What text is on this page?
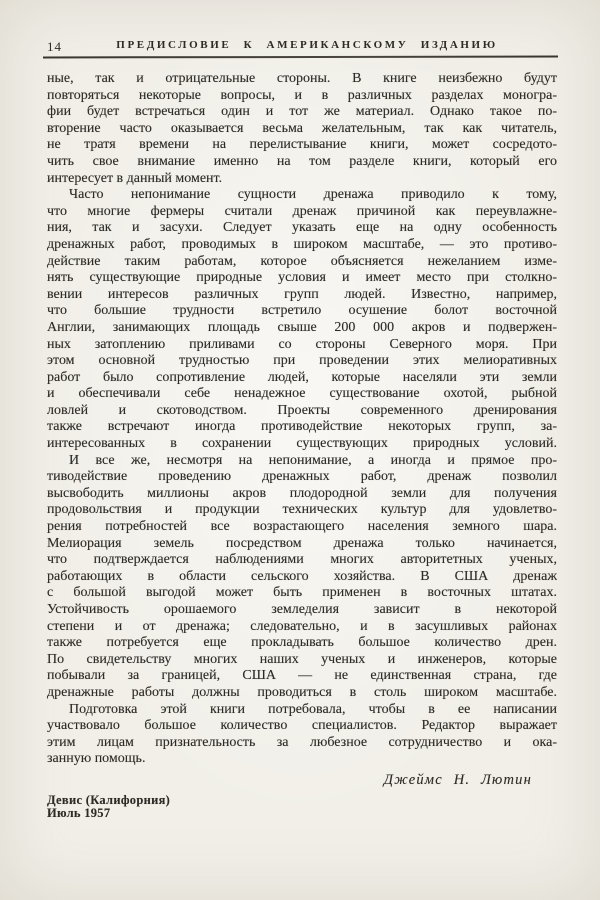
14	ПРЕДИСЛОВИЕ К АМЕРИКАНСКОМУ ИЗДАНИЮ
ные, так и отрицательные стороны. В книге неизбежно будут
повторяться некоторые вопросы, и в различных разделах моногра-
фии будет встречаться один и тот же материал. Однако такое по-
вторение часто оказывается весьма желательным, так как читатель,
не тратя времени на перелистывание книги, может сосредото-
чить свое внимание именно на том разделе книги, который его
интересует в данный момент.
Часто непонимание сущности дренажа приводило к тому,
что многие фермеры считали дренаж причиной как переувлажне-
ния, так и засухи. Следует указать еще на одну особенность
дренажных работ, проводимых в широком масштабе, — это противо-
действие таким работам, которое объясняется нежеланием изме-
нять существующие природные условия и имеет место при столкно-
вении интересов различных групп людей. Известно, например,
что большие трудности встретило осушение болот восточной
Англии, занимающих площадь свыше 200 000 акров и подвержен-
ных затоплению приливами со стороны Северного моря. При
этом основной трудностью при проведении этих мелиоративных
работ было сопротивление людей, которые населяли эти земли
и обеспечивали себе ненадежное существование охотой, рыбной
ловлей и скотоводством. Проекты современного дренирования
также встречают иногда противодействие некоторых групп, за-
интересованных в сохранении существующих природных условий.
И все же, несмотря на непонимание, а иногда и прямое про-
тиводействие проведению дренажных работ, дренаж позволил
высвободить миллионы акров плодородной земли для получения
продовольствия и продукции технических культур для удовлетво-
рения потребностей все возрастающего населения земного шара.
Мелиорация земель посредством дренажа только начинается,
что подтверждается наблюдениями многих авторитетных ученых,
работающих в области сельского хозяйства. В США дренаж
с большой выгодой может быть применен в восточных штатах.
Устойчивость орошаемого земледелия зависит в некоторой
степени и от дренажа; следовательно, и в засушливых районах
также потребуется еще прокладывать большое количество дрен.
По свидетельству многих наших ученых и инженеров, которые
побывали за границей, США — не единственная страна, где
дренажные работы должны проводиться в столь широком масштабе.
Подготовка этой книги потребовала, чтобы в ее написании
участвовало большое количество специалистов. Редактор выражает
этим лицам признательность за любезное сотрудничество и ока-
занную помощь.
Джеймс Н. Лютин
Девис (Калифорния)
Июль 1957
